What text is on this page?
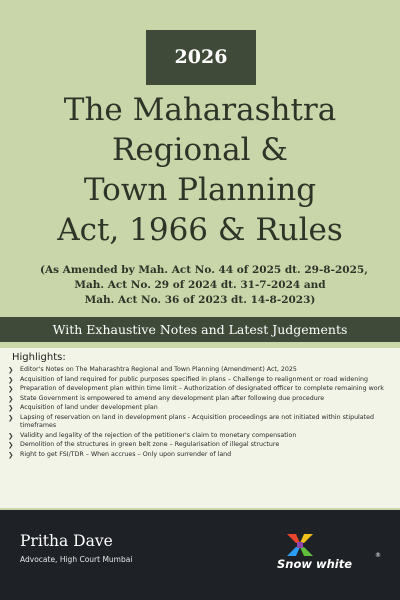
2026
The Maharashtra
Regional &
Town Planning
Act, 1966 & Rules
(As Amended by Mah. Act No. 44 of 2025 dt. 29-8-2025,
Mah. Act No. 29 of 2024 dt. 31-7-2024 and
Mah. Act No. 36 of 2023 dt. 14-8-2023)
With Exhaustive Notes and Latest Judgements
Highlights:
❯ Editor's Notes on The Maharashtra Regional and Town Planning (Amendment) Act, 2025
❯ Acquisition of land required for public purposes specified in plans – Challenge to realignment or road widening
❯ Preparation of development plan within time limit – Authorization of designated officer to complete remaining work
❯ State Government is empowered to amend any development plan after following due procedure
❯ Acquisition of land under development plan
❯ Lapsing of reservation on land in development plans - Acquisition proceedings are not initiated within stipulated timeframes
❯ Validity and legality of the rejection of the petitioner's claim to monetary compensation
❯ Demolition of the structures in green belt zone – Regularisation of illegal structure
❯ Right to get FSI/TDR – When accrues – Only upon surrender of land
Pritha Dave
Advocate, High Court Mumbai	Snow white
®
